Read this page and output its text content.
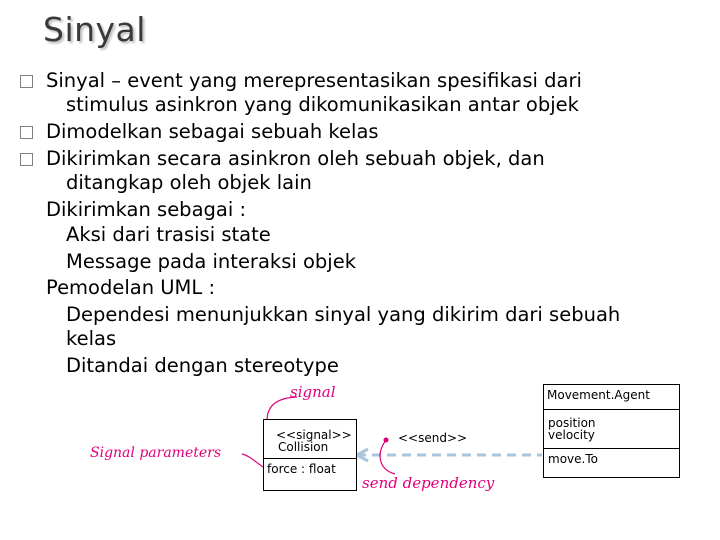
Sinyal
Sinyal – event yang merepresentasikan spesifikasi dari
stimulus asinkron yang dikomunikasikan antar objek
Dimodelkan sebagai sebuah kelas
Dikirimkan secara asinkron oleh sebuah objek, dan
ditangkap oleh objek lain
Dikirimkan sebagai :
Aksi dari trasisi state
Message pada interaksi objek
Pemodelan UML :
Dependesi menunjukkan sinyal yang dikirim dari sebuah
kelas
Ditandai dengan stereotype
signal
Signal parameters
send dependency
<<signal>>
Collision
force : float
<<send>>
Movement.Agent
position
velocity
move.To
